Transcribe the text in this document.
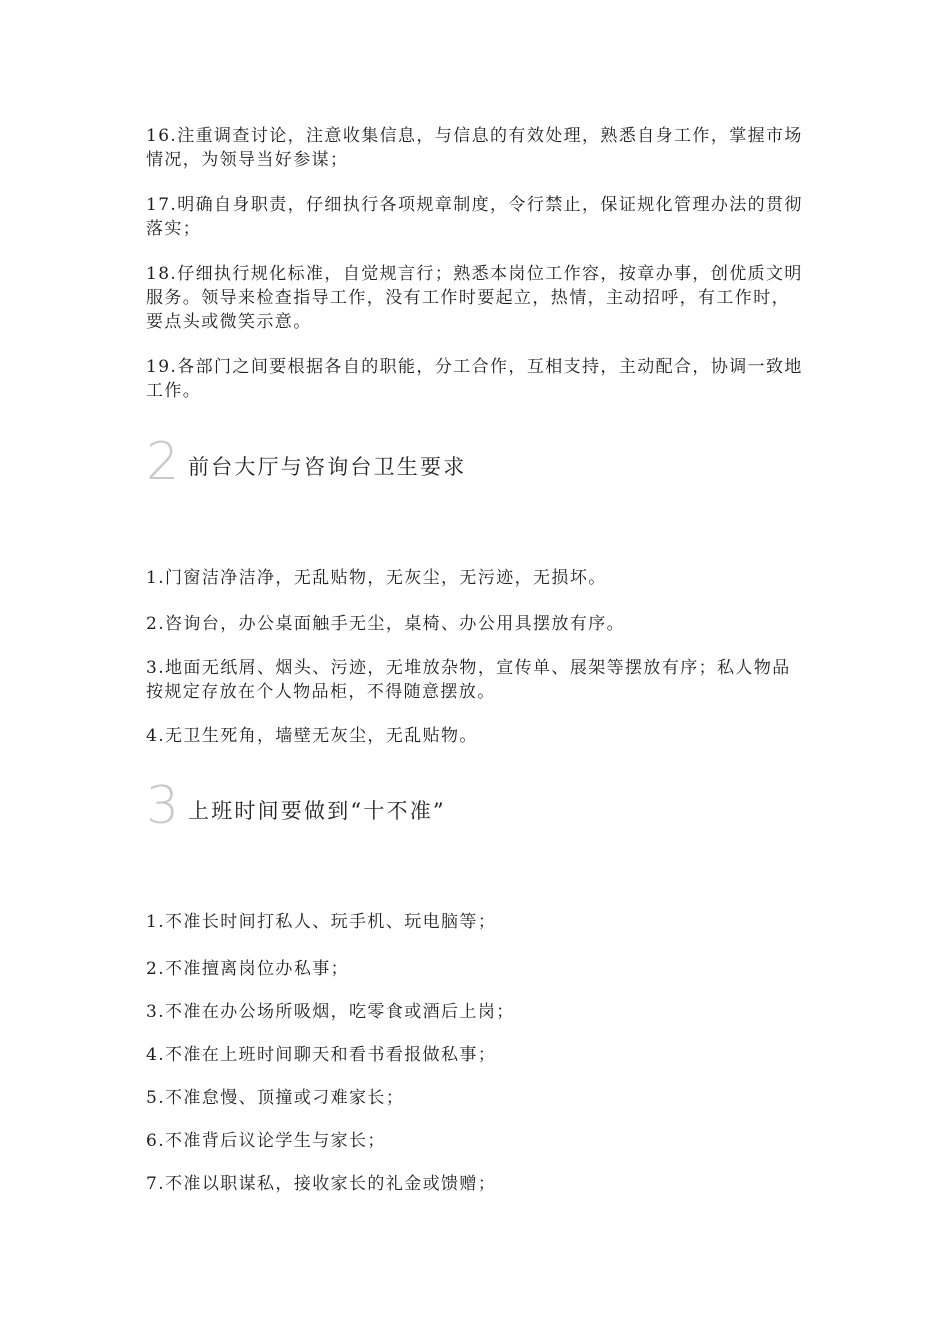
16.注重调查讨论，注意收集信息，与信息的有效处理，熟悉自身工作，掌握市场情况，为领导当好参谋；

17.明确自身职责，仔细执行各项规章制度，令行禁止，保证规化管理办法的贯彻落实；

18.仔细执行规化标准，自觉规言行；熟悉本岗位工作容，按章办事，创优质文明服务。领导来检查指导工作，没有工作时要起立，热情，主动招呼，有工作时，要点头或微笑示意。

19.各部门之间要根据各自的职能，分工合作，互相支持，主动配合，协调一致地工作。

2 前台大厅与咨询台卫生要求

1.门窗洁净洁净，无乱贴物，无灰尘，无污迹，无损坏。

2.咨询台，办公桌面触手无尘，桌椅、办公用具摆放有序。

3.地面无纸屑、烟头、污迹，无堆放杂物，宣传单、展架等摆放有序；私人物品按规定存放在个人物品柜，不得随意摆放。

4.无卫生死角，墙壁无灰尘，无乱贴物。

3 上班时间要做到“十不准”

1.不准长时间打私人、玩手机、玩电脑等；

2.不准擅离岗位办私事；

3.不准在办公场所吸烟，吃零食或酒后上岗；

4.不准在上班时间聊天和看书看报做私事；

5.不准怠慢、顶撞或刁难家长；

6.不准背后议论学生与家长；

7.不准以职谋私，接收家长的礼金或馈赠；
